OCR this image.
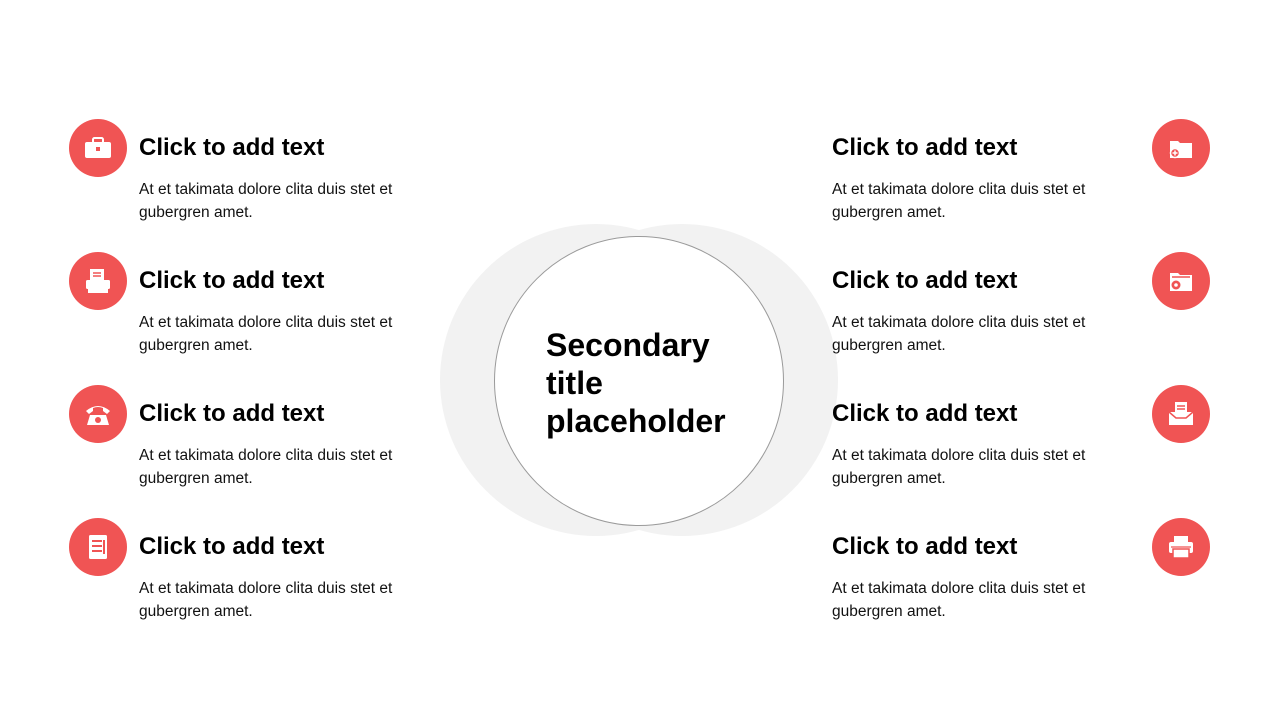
Secondary title placeholder
Click to add text
At et takimata dolore clita duis stet et gubergren amet.
Click to add text
At et takimata dolore clita duis stet et gubergren amet.
Click to add text
At et takimata dolore clita duis stet et gubergren amet.
Click to add text
At et takimata dolore clita duis stet et gubergren amet.
Click to add text
At et takimata dolore clita duis stet et gubergren amet.
Click to add text
At et takimata dolore clita duis stet et gubergren amet.
Click to add text
At et takimata dolore clita duis stet et gubergren amet.
Click to add text
At et takimata dolore clita duis stet et gubergren amet.
